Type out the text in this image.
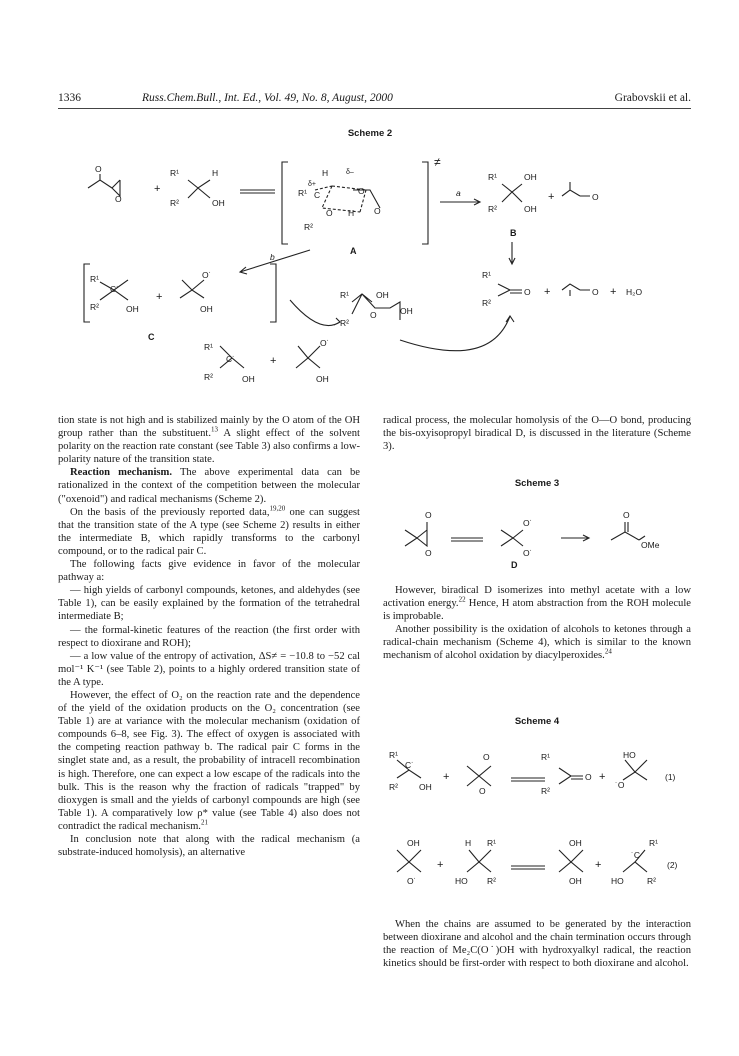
1336	Russ.Chem.Bull., Int. Ed., Vol. 49, No. 8, August, 2000	Grabovskii et al.
Scheme 2
O
O
R¹	H
R²	OH
+
H	δ–
δ+
R¹ C	O
O
O H
R²
≠
A
a
R¹	OH
R²	OH
+	O
B
R¹
R²
O +	O + H₂O
b
R¹
C˙
R²	OH
+
O˙
OH
C
R¹	OH
R²
O	OH
R¹
C˙
R²	OH
+
O˙
OH

tion state is not high and is stabilized mainly by the O atom of the OH group rather than the substituent.$^{13}$ A slight effect of the solvent polarity on the reaction rate constant (see Table 3) also confirms a low-polarity nature of the transition state.

Reaction mechanism. The above experimental data can be rationalized in the context of the competition between the molecular ("oxenoid") and radical mechanisms (Scheme 2).

On the basis of the previously reported data,$^{19,20}$ one can suggest that the transition state of the A type (see Scheme 2) results in either the intermediate B, which rapidly transforms to the carbonyl compound, or to the radical pair C.

The following facts give evidence in favor of the molecular pathway a:

— high yields of carbonyl compounds, ketones, and aldehydes (see Table 1), can be easily explained by the formation of the tetrahedral intermediate B;

— the formal-kinetic features of the reaction (the first order with respect to dioxirane and ROH);

— a low value of the entropy of activation, ΔS≠ = −10.8 to −52 cal mol⁻¹ K⁻¹ (see Table 2), points to a highly ordered transition state of the A type.

However, the effect of O₂ on the reaction rate and the dependence of the yield of the oxidation products on the O₂ concentration (see Table 1) are at variance with the molecular mechanism (oxidation of compounds 6–8, see Fig. 3). The effect of oxygen is associated with the competing reaction pathway b. The radical pair C forms in the singlet state and, as a result, the probability of intracell recombination is high. Therefore, one can expect a low escape of the radicals into the bulk. This is the reason why the fraction of radicals "trapped" by dioxygen is small and the yields of carbonyl compounds are high (see Table 1). A comparatively low ρ* value (see Table 4) also does not contradict the radical mechanism.$^{21}$

In conclusion note that along with the radical mechanism (a substrate-induced homolysis), an alternative

radical process, the molecular homolysis of the O—O bond, producing the bis-oxyisopropyl biradical D, is discussed in the literature (Scheme 3).

Scheme 3
O
O
O˙
O˙
D
O
OMe

However, biradical D isomerizes into methyl acetate with a low activation energy.$^{22}$ Hence, H atom abstraction from the ROH molecule is improbable.

Another possibility is the oxidation of alcohols to ketones through a radical-chain mechanism (Scheme 4), which is similar to the known mechanism of alcohol oxidation by diacylperoxides.$^{24}$

Scheme 4
R¹
C˙
R² OH
+
O
O
R¹
R²
O +
HO
˙O
(1)
OH
O˙
+
H R¹
HO R²
OH
OH
+
˙C
R¹
HO	R²
(2)

When the chains are assumed to be generated by the interaction between dioxirane and alcohol and the chain termination occurs through the reaction of Me₂C(O˙)OH with hydroxyalkyl radical, the reaction kinetics should be first-order with respect to both dioxirane and alcohol.
